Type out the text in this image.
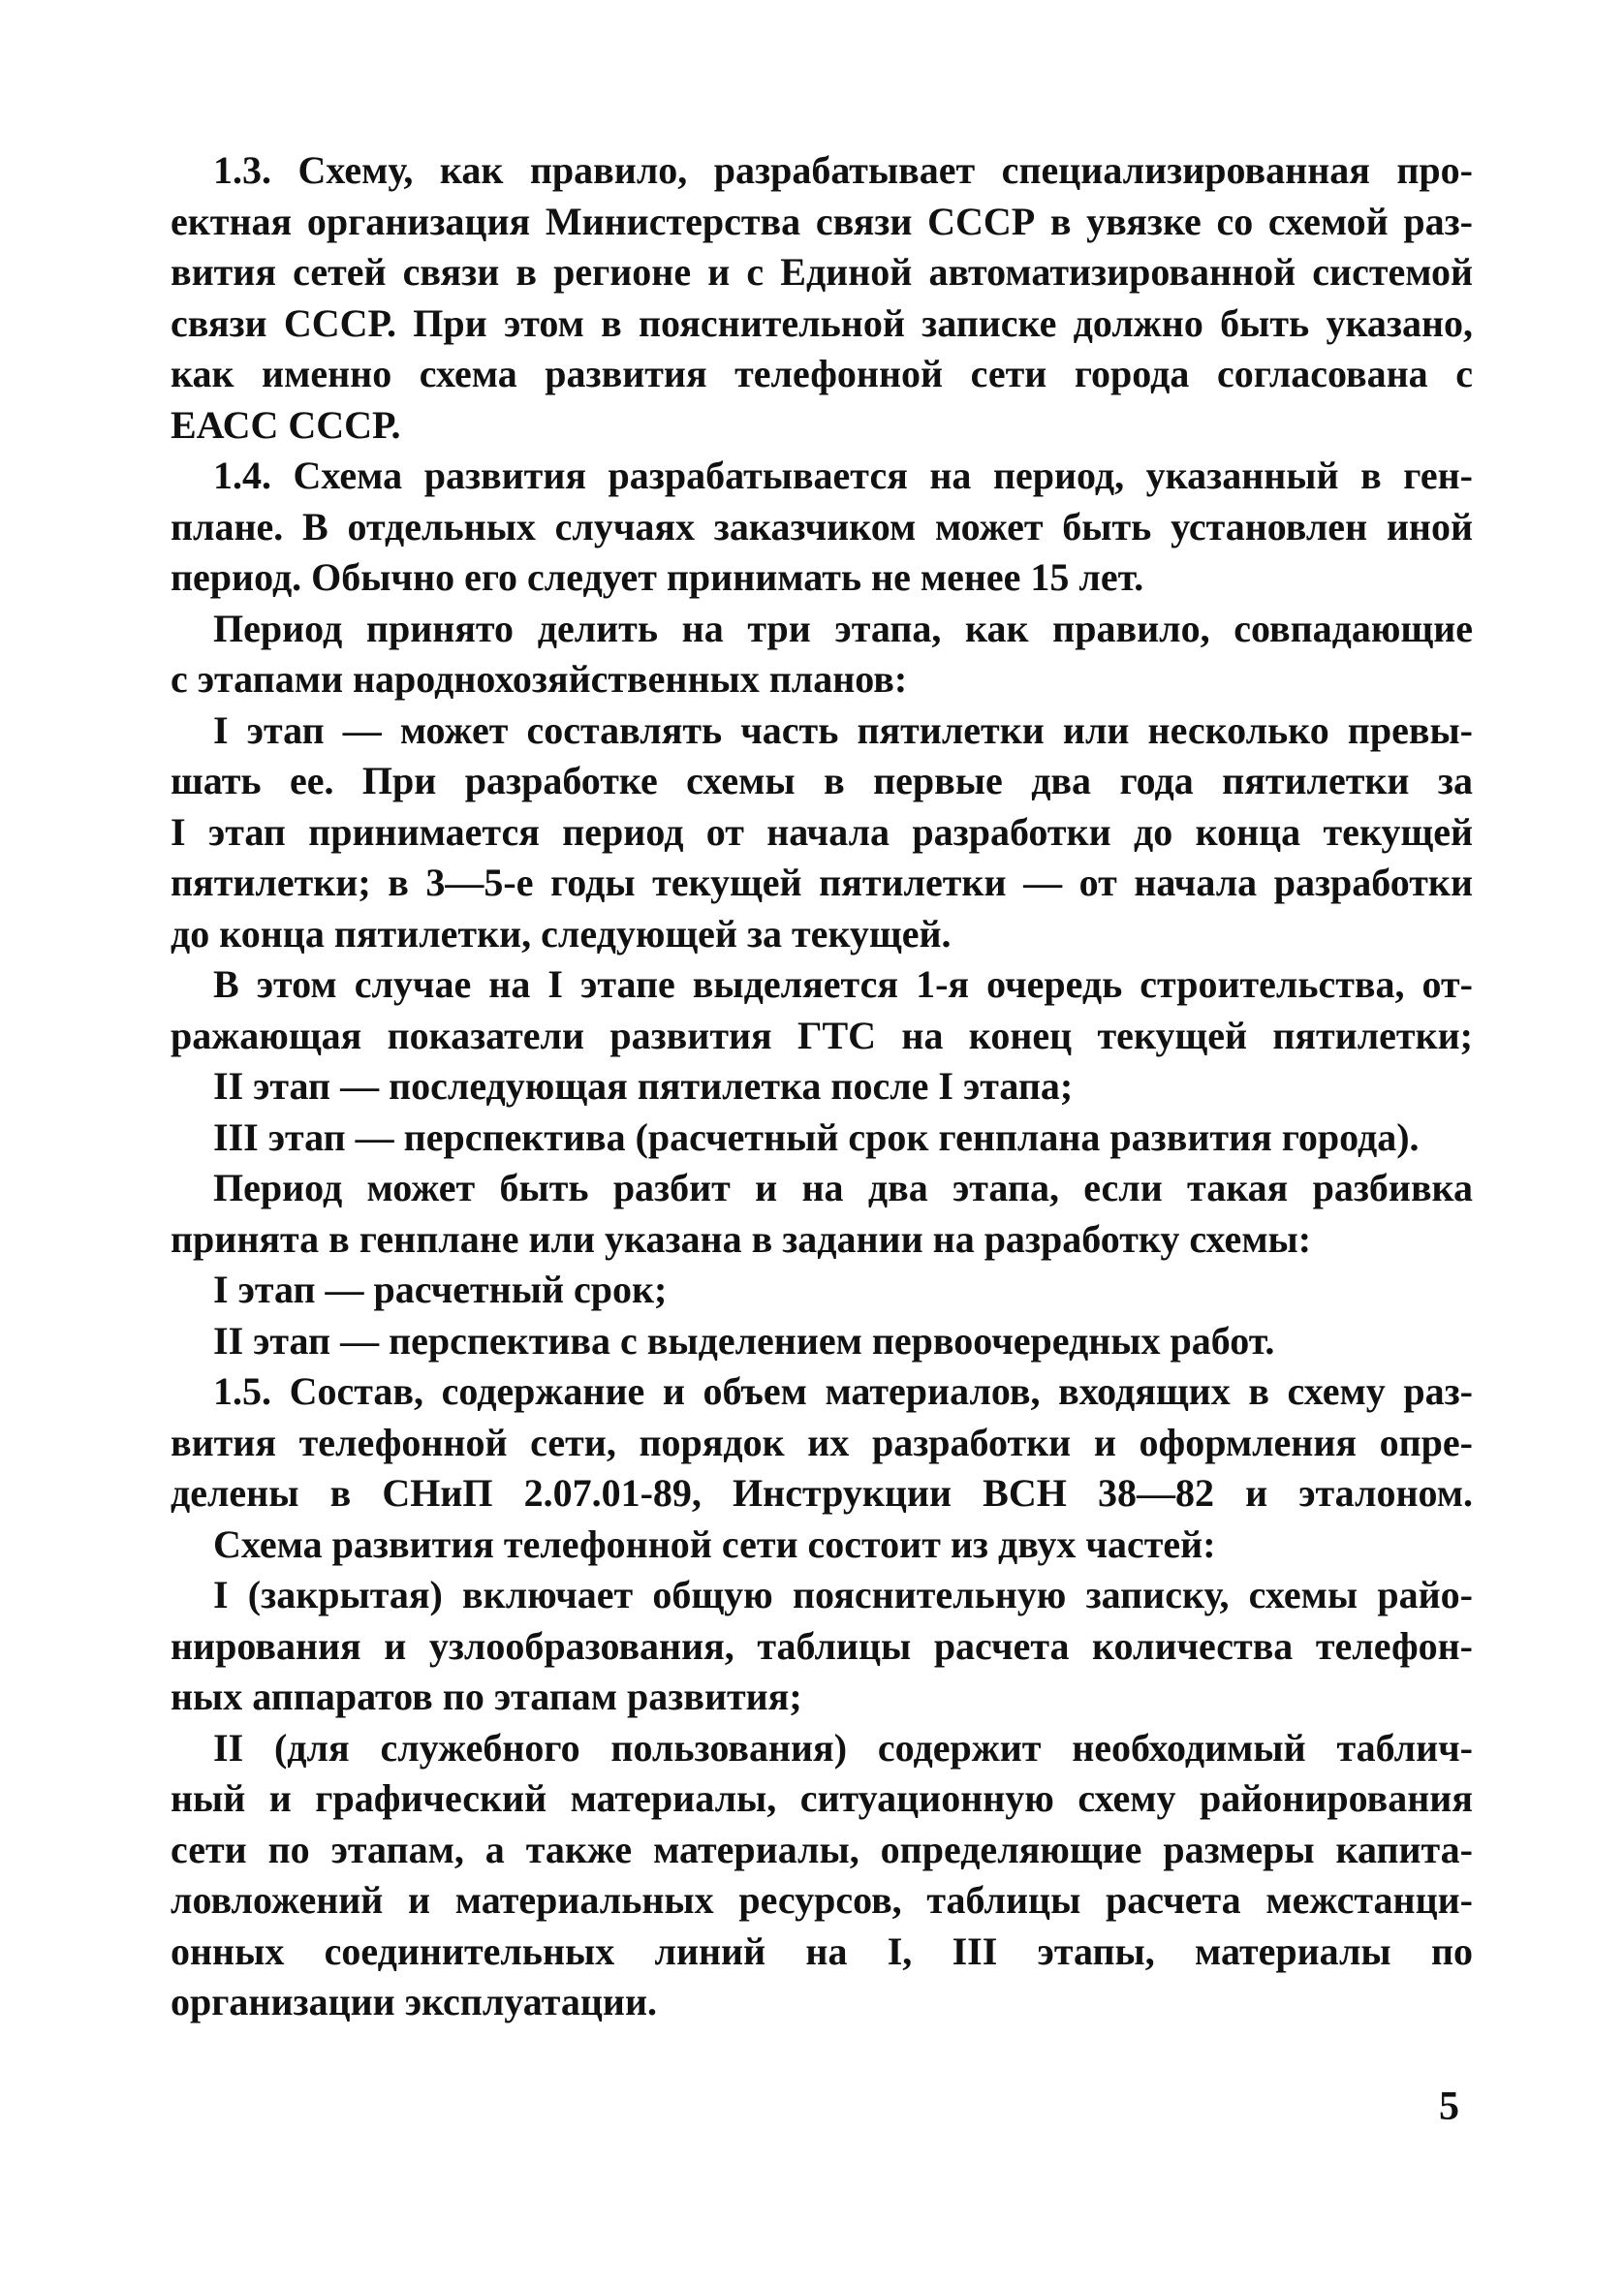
1.3. Схему, как правило, разрабатывает специализированная про-
ектная организация Министерства связи СССР в увязке со схемой раз-
вития сетей связи в регионе и с Единой автоматизированной системой
связи СССР. При этом в пояснительной записке должно быть указано,
как именно схема развития телефонной сети города согласована с
ЕАСС СССР.
1.4. Схема развития разрабатывается на период, указанный в ген-
плане. В отдельных случаях заказчиком может быть установлен иной
период. Обычно его следует принимать не менее 15 лет.
Период принято делить на три этапа, как правило, совпадающие
с этапами народнохозяйственных планов:
I этап — может составлять часть пятилетки или несколько превы-
шать ее. При разработке схемы в первые два года пятилетки за
I этап принимается период от начала разработки до конца текущей
пятилетки; в 3—5-е годы текущей пятилетки — от начала разработки
до конца пятилетки, следующей за текущей.
В этом случае на I этапе выделяется 1-я очередь строительства, от-
ражающая показатели развития ГТС на конец текущей пятилетки;
II этап — последующая пятилетка после I этапа;
III этап — перспектива (расчетный срок генплана развития города).
Период может быть разбит и на два этапа, если такая разбивка
принята в генплане или указана в задании на разработку схемы:
I этап — расчетный срок;
II этап — перспектива с выделением первоочередных работ.
1.5. Состав, содержание и объем материалов, входящих в схему раз-
вития телефонной сети, порядок их разработки и оформления опре-
делены в СНиП 2.07.01-89, Инструкции ВСН 38—82 и эталоном.
Схема развития телефонной сети состоит из двух частей:
I (закрытая) включает общую пояснительную записку, схемы райо-
нирования и узлообразования, таблицы расчета количества телефон-
ных аппаратов по этапам развития;
II (для служебного пользования) содержит необходимый таблич-
ный и графический материалы, ситуационную схему районирования
сети по этапам, а также материалы, определяющие размеры капита-
ловложений и материальных ресурсов, таблицы расчета межстанци-
онных соединительных линий на I, III этапы, материалы по
организации эксплуатации.
5
